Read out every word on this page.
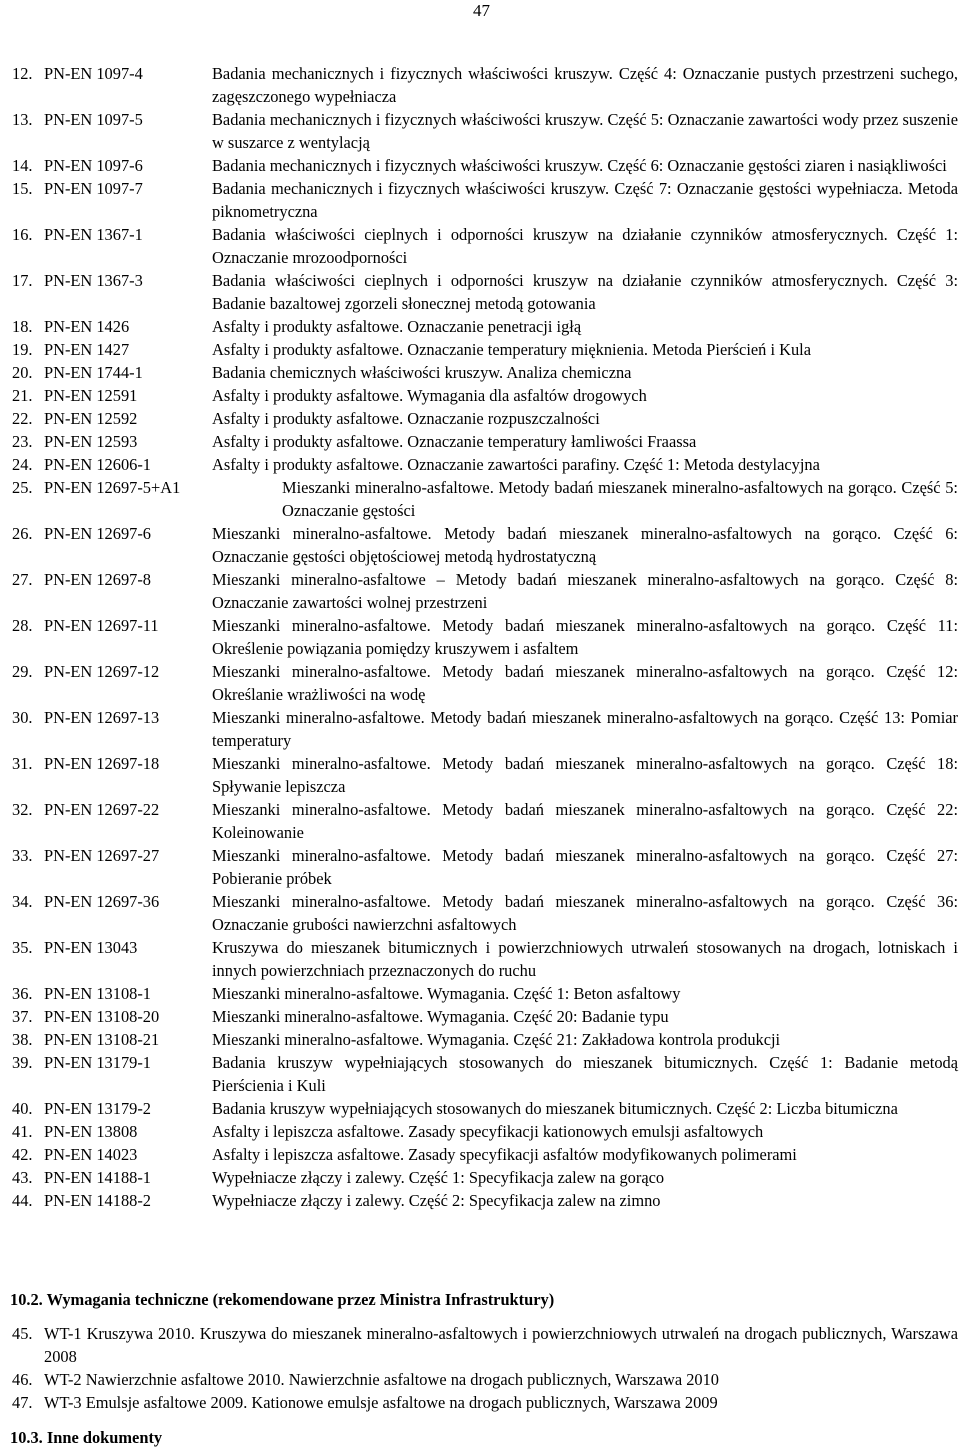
47
12. PN-EN 1097-4	Badania mechanicznych i fizycznych właściwości kruszyw. Część 4: Oznaczanie pustych przestrzeni suchego, zagęszczonego wypełniacza
13. PN-EN 1097-5	Badania mechanicznych i fizycznych właściwości kruszyw. Część 5: Oznaczanie zawartości wody przez suszenie w suszarce z wentylacją
14. PN-EN 1097-6	Badania mechanicznych i fizycznych właściwości kruszyw. Część 6: Oznaczanie gęstości ziaren i nasiąkliwości
15. PN-EN 1097-7	Badania mechanicznych i fizycznych właściwości kruszyw. Część 7: Oznaczanie gęstości wypełniacza. Metoda piknometryczna
16. PN-EN 1367-1	Badania właściwości cieplnych i odporności kruszyw na działanie czynników atmosferycznych. Część 1: Oznaczanie mrozoodporności
17. PN-EN 1367-3	Badania właściwości cieplnych i odporności kruszyw na działanie czynników atmosferycznych. Część 3: Badanie bazaltowej zgorzeli słonecznej metodą gotowania
18. PN-EN 1426	Asfalty i produkty asfaltowe. Oznaczanie penetracji igłą
19. PN-EN 1427	Asfalty i produkty asfaltowe. Oznaczanie temperatury mięknienia. Metoda Pierścień i Kula
20. PN-EN 1744-1	Badania chemicznych właściwości kruszyw. Analiza chemiczna
21. PN-EN 12591	Asfalty i produkty asfaltowe. Wymagania dla asfaltów drogowych
22. PN-EN 12592	Asfalty i produkty asfaltowe. Oznaczanie rozpuszczalności
23. PN-EN 12593	Asfalty i produkty asfaltowe. Oznaczanie temperatury łamliwości Fraassa
24. PN-EN 12606-1	Asfalty i produkty asfaltowe. Oznaczanie zawartości parafiny. Część 1: Metoda destylacyjna
25. PN-EN 12697-5+A1	Mieszanki mineralno-asfaltowe. Metody badań mieszanek mineralno-asfaltowych na gorąco. Część 5: Oznaczanie gęstości
26. PN-EN 12697-6	Mieszanki mineralno-asfaltowe. Metody badań mieszanek mineralno-asfaltowych na gorąco. Część 6: Oznaczanie gęstości objętościowej metodą hydrostatyczną
27. PN-EN 12697-8	Mieszanki mineralno-asfaltowe – Metody badań mieszanek mineralno-asfaltowych na gorąco. Część 8: Oznaczanie zawartości wolnej przestrzeni
28. PN-EN 12697-11	Mieszanki mineralno-asfaltowe. Metody badań mieszanek mineralno-asfaltowych na gorąco. Część 11: Określenie powiązania pomiędzy kruszywem i asfaltem
29. PN-EN 12697-12	Mieszanki mineralno-asfaltowe. Metody badań mieszanek mineralno-asfaltowych na gorąco. Część 12: Określanie wrażliwości na wodę
30. PN-EN 12697-13	Mieszanki mineralno-asfaltowe. Metody badań mieszanek mineralno-asfaltowych na gorąco. Część 13: Pomiar temperatury
31. PN-EN 12697-18	Mieszanki mineralno-asfaltowe. Metody badań mieszanek mineralno-asfaltowych na gorąco. Część 18: Spływanie lepiszcza
32. PN-EN 12697-22	Mieszanki mineralno-asfaltowe. Metody badań mieszanek mineralno-asfaltowych na gorąco. Część 22: Koleinowanie
33. PN-EN 12697-27	Mieszanki mineralno-asfaltowe. Metody badań mieszanek mineralno-asfaltowych na gorąco. Część 27: Pobieranie próbek
34. PN-EN 12697-36	Mieszanki mineralno-asfaltowe. Metody badań mieszanek mineralno-asfaltowych na gorąco. Część 36: Oznaczanie grubości nawierzchni asfaltowych
35. PN-EN 13043	Kruszywa do mieszanek bitumicznych i powierzchniowych utrwaleń stosowanych na drogach, lotniskach i innych powierzchniach przeznaczonych do ruchu
36. PN-EN 13108-1	Mieszanki mineralno-asfaltowe. Wymagania. Część 1: Beton asfaltowy
37. PN-EN 13108-20	Mieszanki mineralno-asfaltowe. Wymagania. Część 20: Badanie typu
38. PN-EN 13108-21	Mieszanki mineralno-asfaltowe. Wymagania. Część 21: Zakładowa kontrola produkcji
39. PN-EN 13179-1	Badania kruszyw wypełniających stosowanych do mieszanek bitumicznych. Część 1: Badanie metodą Pierścienia i Kuli
40. PN-EN 13179-2	Badania kruszyw wypełniających stosowanych do mieszanek bitumicznych. Część 2: Liczba bitumiczna
41. PN-EN 13808	Asfalty i lepiszcza asfaltowe. Zasady specyfikacji kationowych emulsji asfaltowych
42. PN-EN 14023	Asfalty i lepiszcza asfaltowe. Zasady specyfikacji asfaltów modyfikowanych polimerami
43. PN-EN 14188-1	Wypełniacze złączy i zalewy. Część 1: Specyfikacja zalew na gorąco
44. PN-EN 14188-2	Wypełniacze złączy i zalewy. Część 2: Specyfikacja zalew na zimno
10.2. Wymagania techniczne (rekomendowane przez Ministra Infrastruktury)
45. WT-1 Kruszywa 2010. Kruszywa do mieszanek mineralno-asfaltowych i powierzchniowych utrwaleń na drogach publicznych, Warszawa 2008
46. WT-2 Nawierzchnie asfaltowe 2010. Nawierzchnie asfaltowe na drogach publicznych, Warszawa 2010
47. WT-3 Emulsje asfaltowe 2009. Kationowe emulsje asfaltowe na drogach publicznych, Warszawa 2009
10.3. Inne dokumenty
